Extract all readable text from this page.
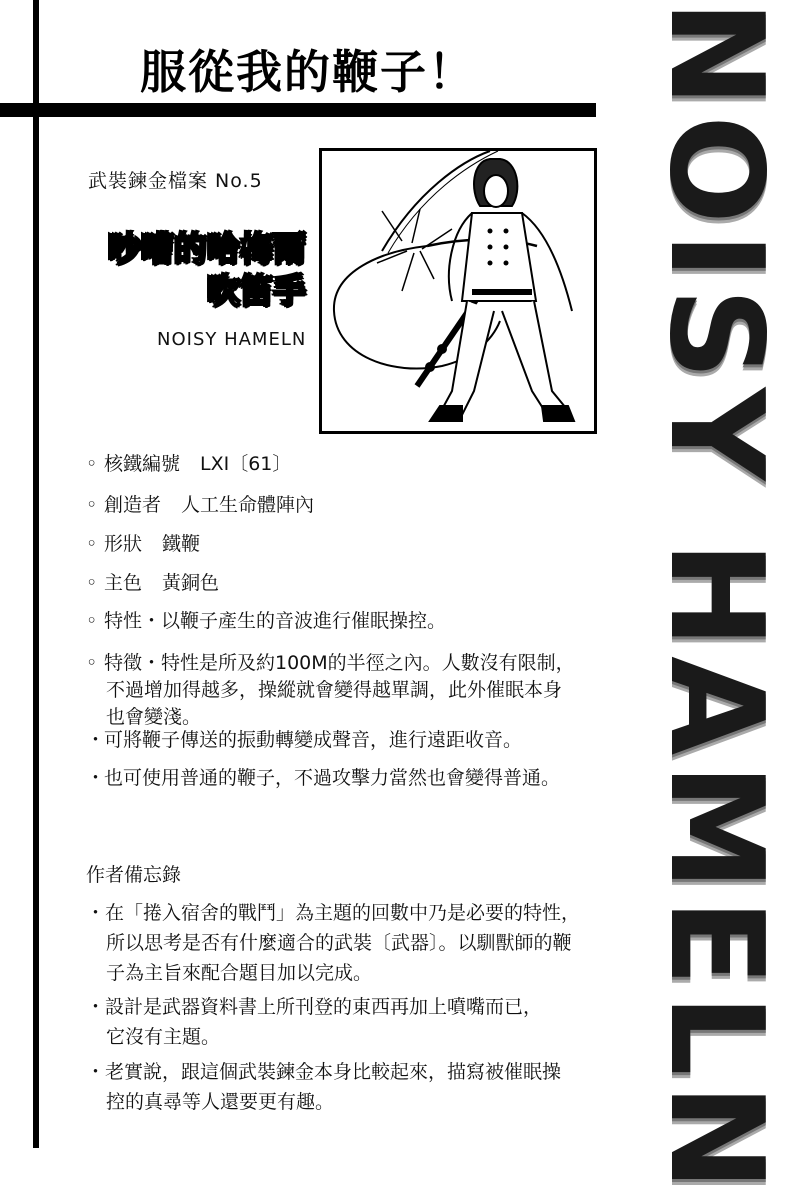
服從我的鞭子！
武裝鍊金檔案 No.5
吵嘈的哈梅爾
吹笛手
NOISY HAMELN
◦ 核鐵編號 LXI〔61〕
◦ 創造者 人工生命體陣內
◦ 形狀 鐵鞭
◦ 主色 黃銅色
◦ 特性・以鞭子產生的音波進行催眠操控。
◦ 特徵・特性是所及約100M的半徑之內。人數沒有限制，
不過增加得越多，操縱就會變得越單調，此外催眠本身
也會變淺。
・可將鞭子傳送的振動轉變成聲音，進行遠距收音。
・也可使用普通的鞭子，不過攻擊力當然也會變得普通。
作者備忘錄
・在「捲入宿舍的戰鬥」為主題的回數中乃是必要的特性，
所以思考是否有什麼適合的武裝〔武器〕。以馴獸師的鞭
子為主旨來配合題目加以完成。
・設計是武器資料書上所刊登的東西再加上噴嘴而已，
它沒有主題。
・老實說，跟這個武裝鍊金本身比較起來，描寫被催眠操
控的真尋等人還要更有趣。	NOISY HAMELN
